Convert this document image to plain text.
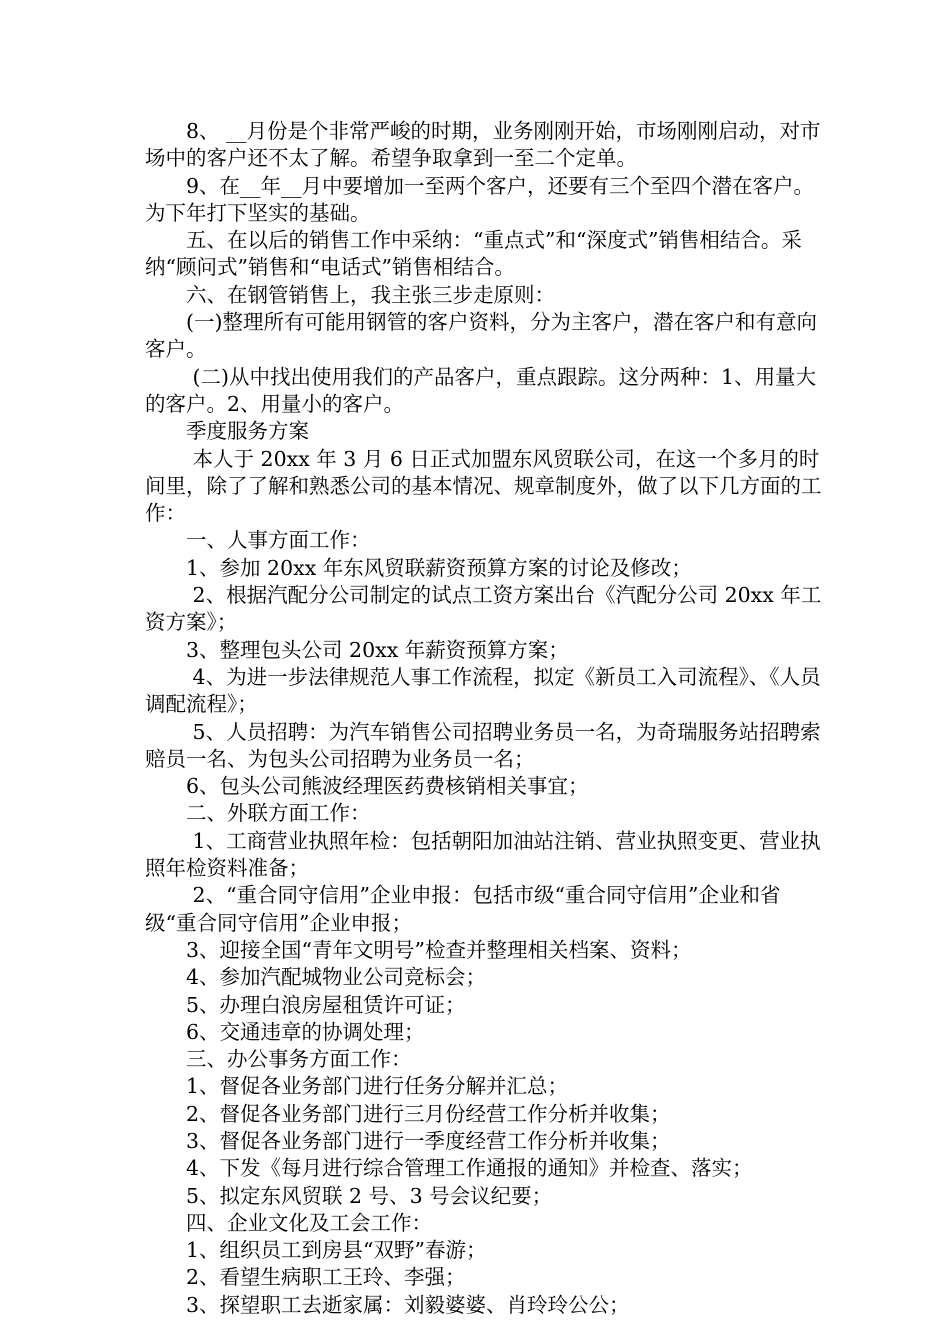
8、 __月份是个非常严峻的时期，业务刚刚开始，市场刚刚启动，对市场中的客户还不太了解。希望争取拿到一至二个定单。

9、在__年__月中要增加一至两个客户，还要有三个至四个潜在客户。为下年打下坚实的基础。

五、在以后的销售工作中采纳：“重点式”和“深度式”销售相结合。采纳“顾问式”销售和“电话式”销售相结合。

六、在钢管销售上，我主张三步走原则：

(一)整理所有可能用钢管的客户资料，分为主客户，潜在客户和有意向客户。

(二)从中找出使用我们的产品客户，重点跟踪。这分两种：1、用量大的客户。2、用量小的客户。

季度服务方案

本人于 20xx 年 3 月 6 日正式加盟东风贸联公司，在这一个多月的时间里，除了了解和熟悉公司的基本情况、规章制度外，做了以下几方面的工作：

一、人事方面工作：

1、参加 20xx 年东风贸联薪资预算方案的讨论及修改；

2、根据汽配分公司制定的试点工资方案出台《汽配分公司 20xx 年工资方案》；

3、整理包头公司 20xx 年薪资预算方案；

4、为进一步法律规范人事工作流程，拟定《新员工入司流程》、《人员调配流程》；

5、人员招聘：为汽车销售公司招聘业务员一名，为奇瑞服务站招聘索赔员一名、为包头公司招聘为业务员一名；

6、包头公司熊波经理医药费核销相关事宜；

二、外联方面工作：

1、工商营业执照年检：包括朝阳加油站注销、营业执照变更、营业执照年检资料准备；

2、“重合同守信用”企业申报：包括市级“重合同守信用”企业和省级“重合同守信用”企业申报；

3、迎接全国“青年文明号”检查并整理相关档案、资料；

4、参加汽配城物业公司竞标会；

5、办理白浪房屋租赁许可证；

6、交通违章的协调处理；

三、办公事务方面工作：

1、督促各业务部门进行任务分解并汇总；

2、督促各业务部门进行三月份经营工作分析并收集；

3、督促各业务部门进行一季度经营工作分析并收集；

4、下发《每月进行综合管理工作通报的通知》并检查、落实；

5、拟定东风贸联 2 号、3 号会议纪要；

四、企业文化及工会工作：

1、组织员工到房县“双野”春游；

2、看望生病职工王玲、李强；

3、探望职工去逝家属：刘毅婆婆、肖玲玲公公；
